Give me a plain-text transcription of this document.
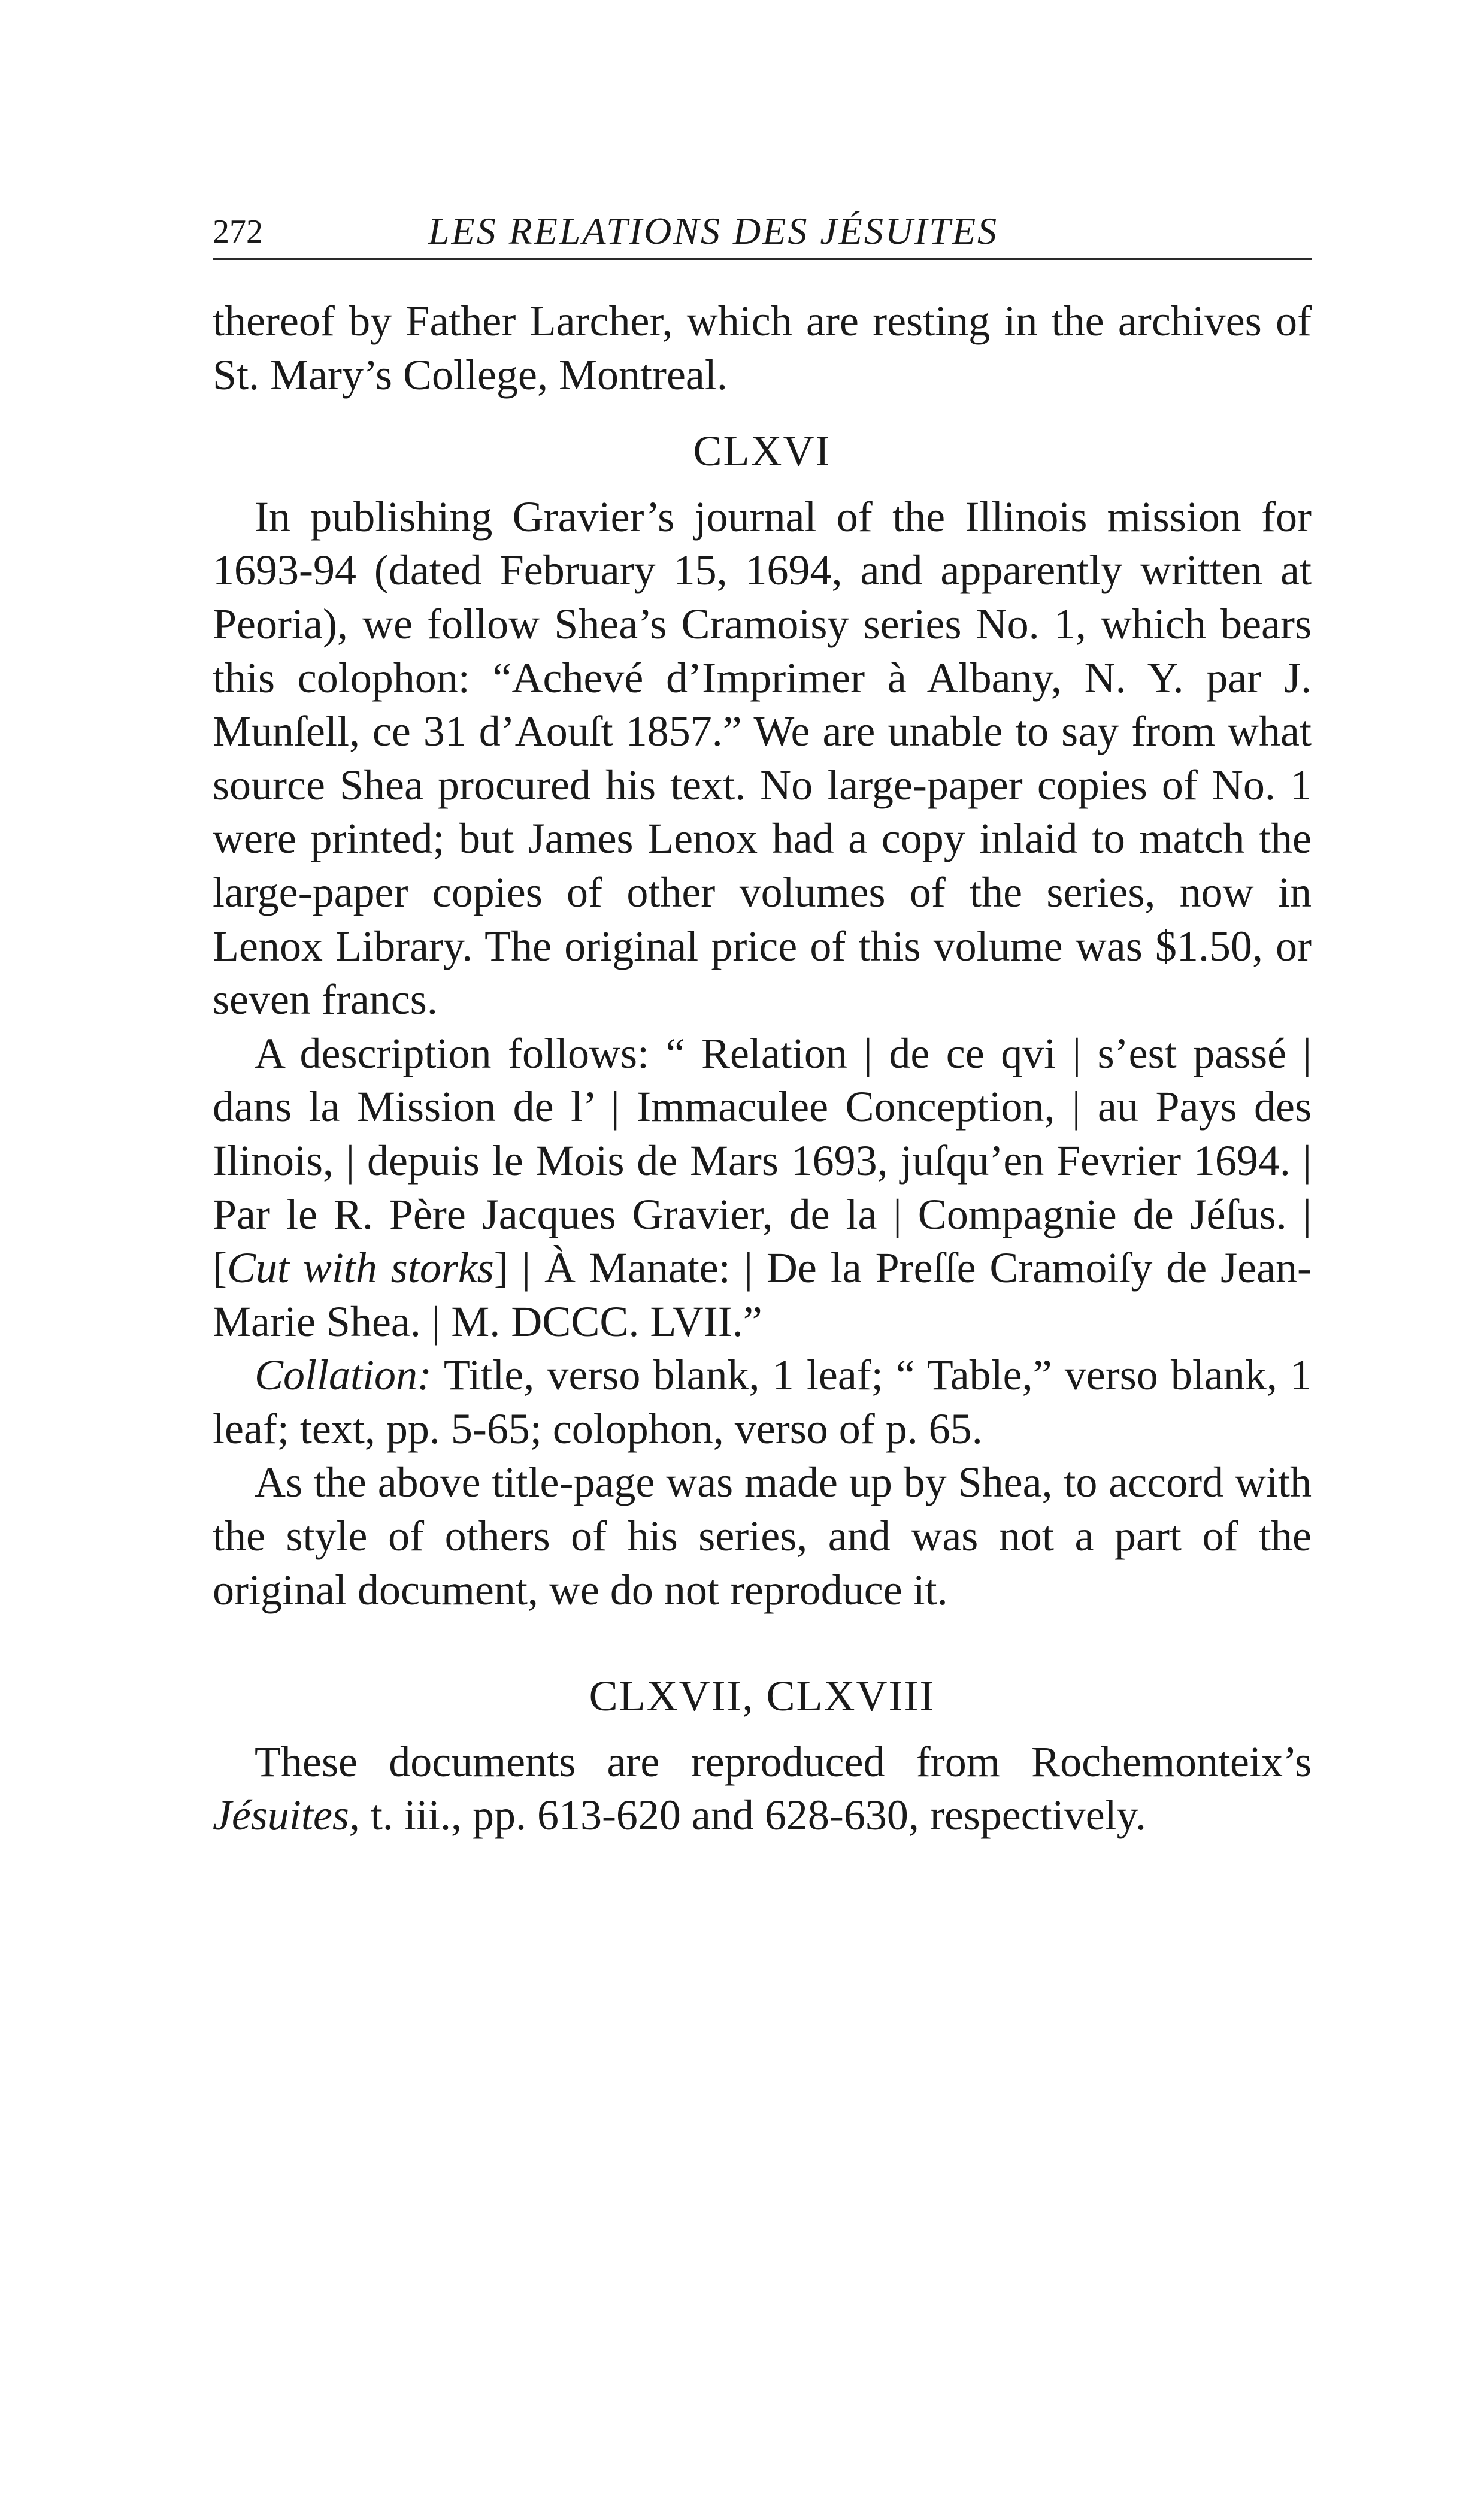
272	LES RELATIONS DES JÉSUITES

thereof by Father Larcher, which are resting in the archives of St. Mary’s College, Montreal.

CLXVI

In publishing Gravier’s journal of the Illinois mission for 1693-94 (dated February 15, 1694, and apparently written at Peoria), we follow Shea’s Cramoisy series No. 1, which bears this colophon: “Achevé d’Imprimer à Albany, N. Y. par J. Munſell, ce 31 d’Aouſt 1857.” We are unable to say from what source Shea procured his text. No large-paper copies of No. 1 were printed; but James Lenox had a copy inlaid to match the large-paper copies of other volumes of the series, now in Lenox Library. The original price of this volume was $1.50, or seven francs.

A description follows: “ Relation | de ce qvi | s’est passé | dans la Mission de l’ | Immaculee Conception, | au Pays des Ilinois, | depuis le Mois de Mars 1693, juſqu’en Fevrier 1694. | Par le R. Père Jacques Gravier, de la | Compagnie de Jéſus. | [Cut with storks] | À Manate: | De la Preſſe Cramoiſy de Jean-Marie Shea. | M. DCCC. LVII.”

Collation: Title, verso blank, 1 leaf; “ Table,” verso blank, 1 leaf; text, pp. 5-65; colophon, verso of p. 65.

As the above title-page was made up by Shea, to accord with the style of others of his series, and was not a part of the original document, we do not reproduce it.

CLXVII, CLXVIII

These documents are reproduced from Rochemonteix’s Jésuites, t. iii., pp. 613-620 and 628-630, respectively.
